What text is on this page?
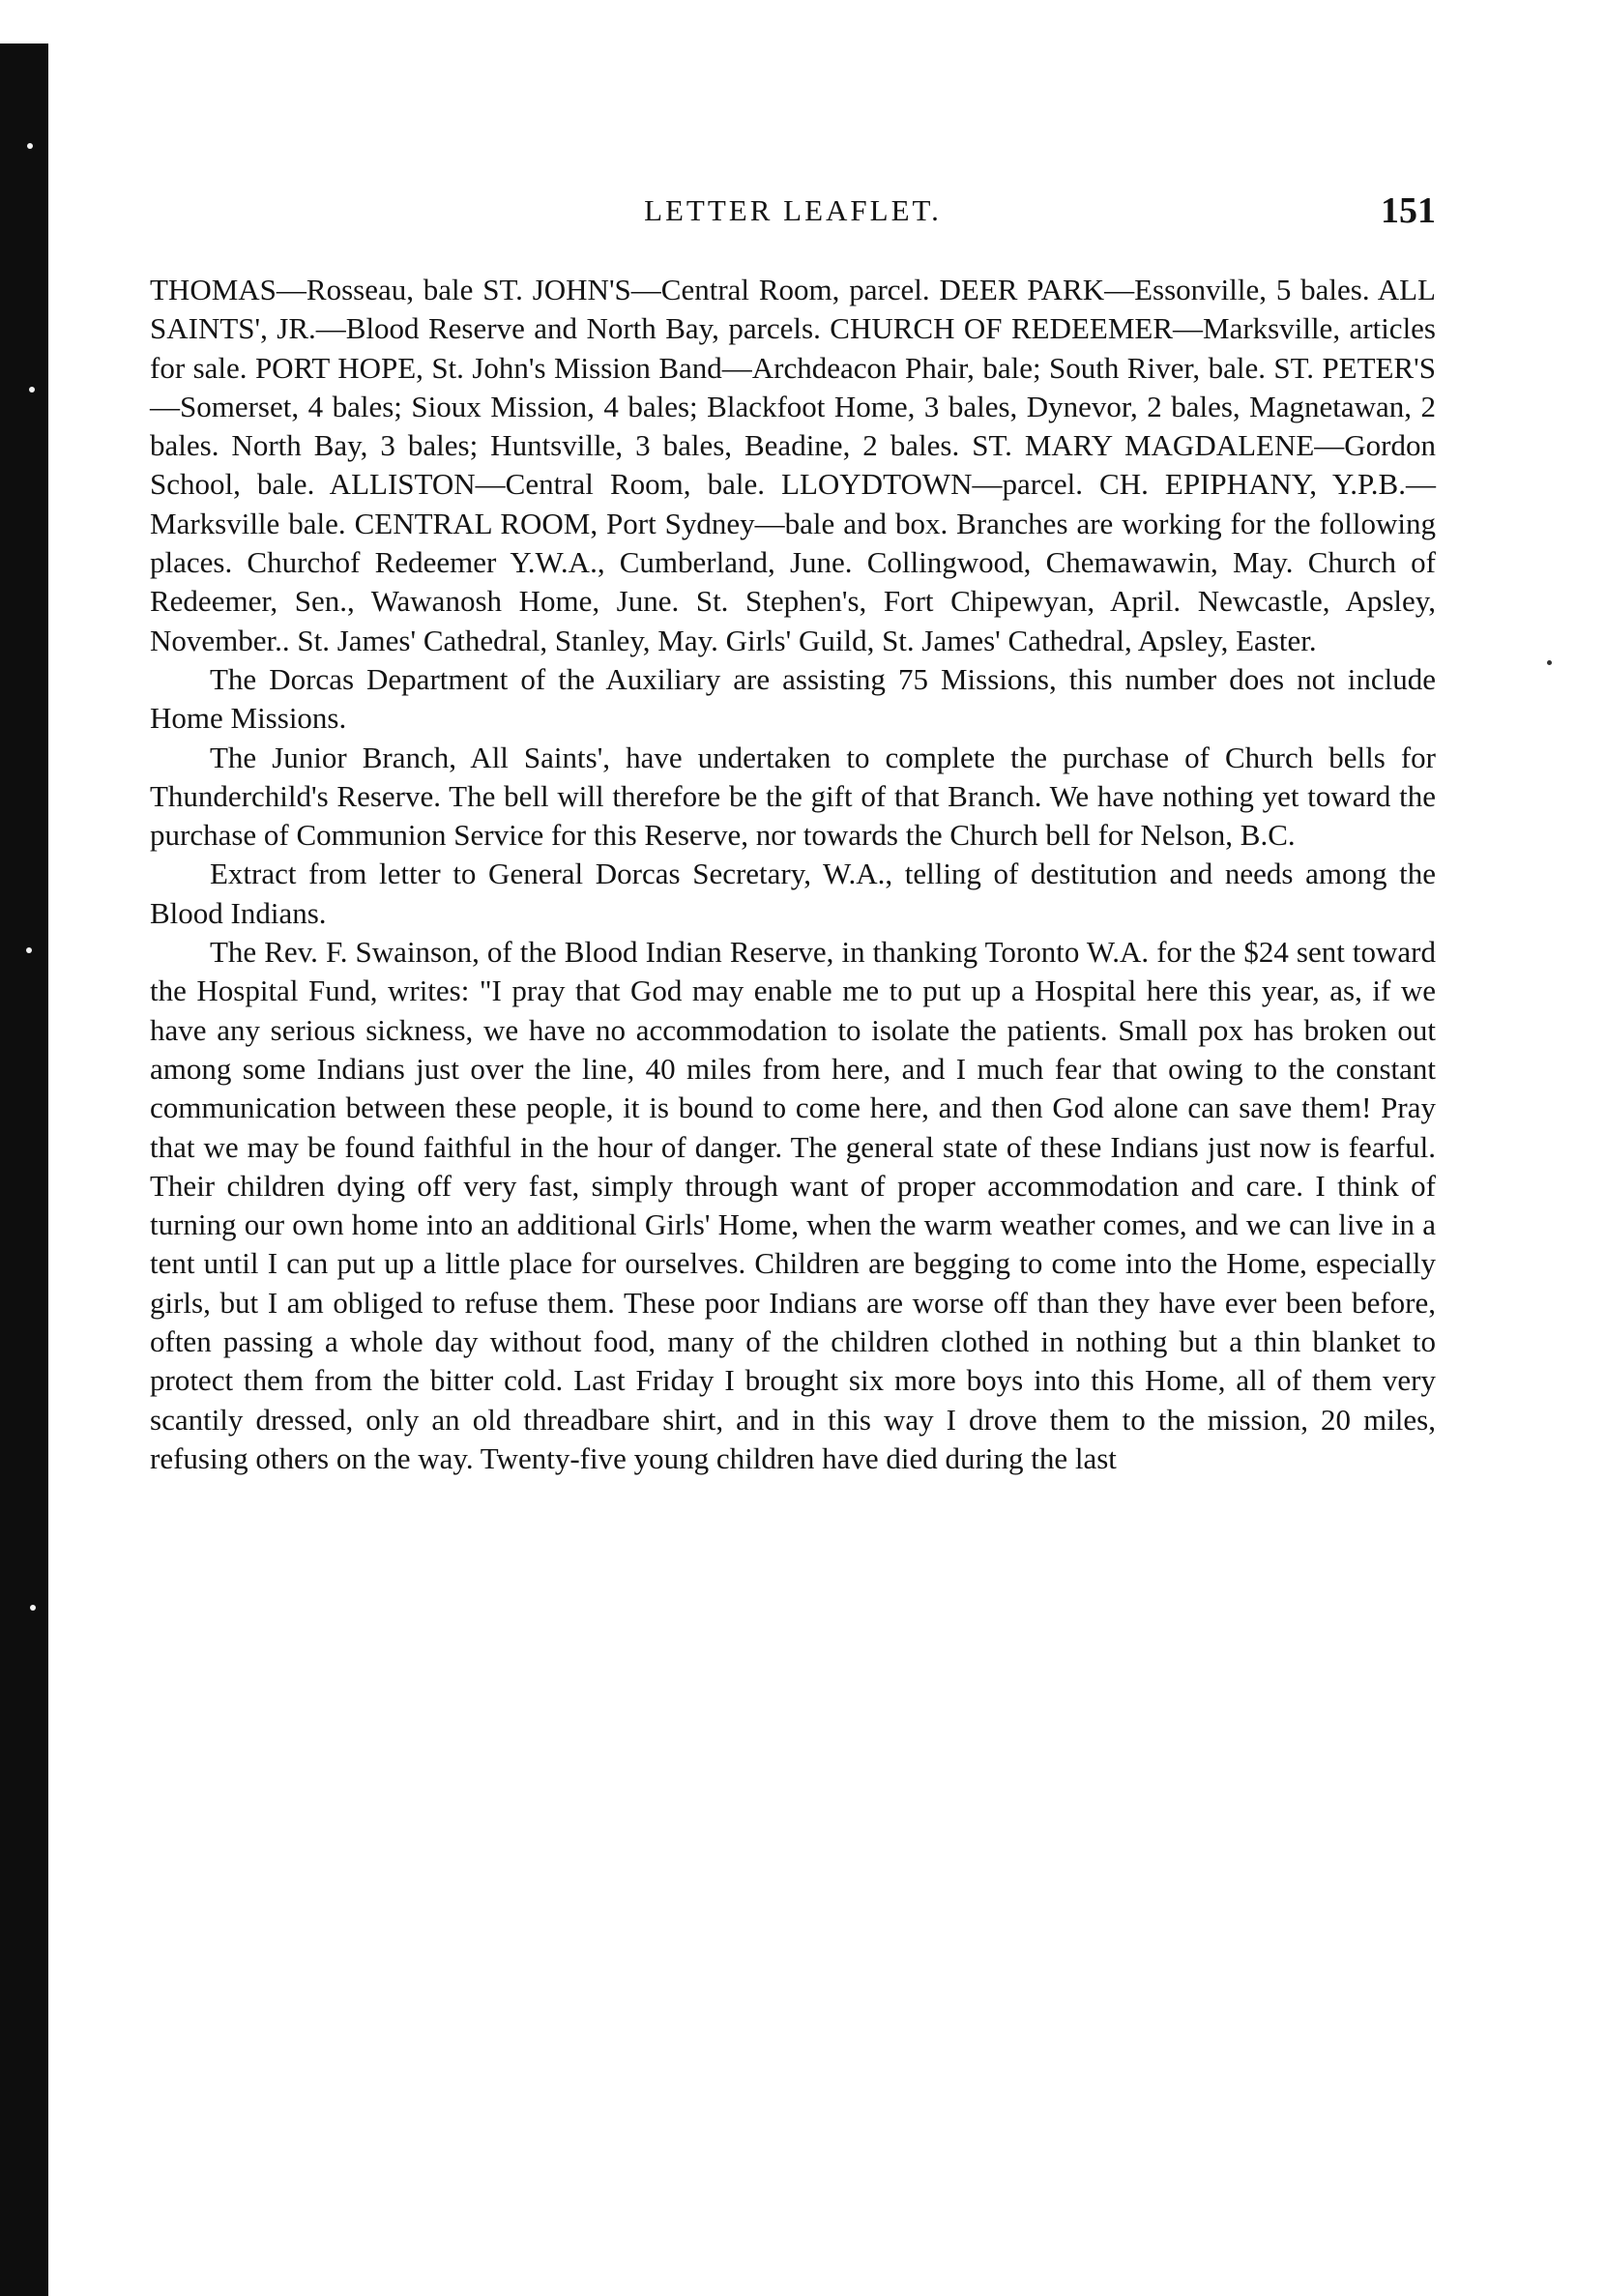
LETTER LEAFLET.	151

THOMAS—Rosseau, bale ST. JOHN'S—Central Room, parcel. DEER PARK—Essonville, 5 bales. ALL SAINTS', JR.—Blood Reserve and North Bay, parcels. CHURCH OF REDEEMER—Marksville, articles for sale. PORT HOPE, St. John's Mission Band—Archdeacon Phair, bale; South River, bale. ST. PETER'S—Somerset, 4 bales; Sioux Mission, 4 bales; Blackfoot Home, 3 bales, Dynevor, 2 bales, Magnetawan, 2 bales. North Bay, 3 bales; Huntsville, 3 bales, Beadine, 2 bales. ST. MARY MAGDALENE—Gordon School, bale. ALLISTON—Central Room, bale. LLOYDTOWN—parcel. CH. EPIPHANY, Y.P.B.—Marksville bale. CENTRAL ROOM, Port Sydney—bale and box. Branches are working for the following places. Churchof Redeemer Y.W.A., Cumberland, June. Collingwood, Chemawawin, May. Church of Redeemer, Sen., Wawanosh Home, June. St. Stephen's, Fort Chipewyan, April. Newcastle, Apsley, November.. St. James' Cathedral, Stanley, May. Girls' Guild, St. James' Cathedral, Apsley, Easter.

The Dorcas Department of the Auxiliary are assisting 75 Missions, this number does not include Home Missions.

The Junior Branch, All Saints', have undertaken to complete the purchase of Church bells for Thunderchild's Reserve. The bell will therefore be the gift of that Branch. We have nothing yet toward the purchase of Communion Service for this Reserve, nor towards the Church bell for Nelson, B.C.

Extract from letter to General Dorcas Secretary, W.A., telling of destitution and needs among the Blood Indians.

The Rev. F. Swainson, of the Blood Indian Reserve, in thanking Toronto W.A. for the $24 sent toward the Hospital Fund, writes: "I pray that God may enable me to put up a Hospital here this year, as, if we have any serious sickness, we have no accommodation to isolate the patients. Small pox has broken out among some Indians just over the line, 40 miles from here, and I much fear that owing to the constant communication between these people, it is bound to come here, and then God alone can save them! Pray that we may be found faithful in the hour of danger. The general state of these Indians just now is fearful. Their children dying off very fast, simply through want of proper accommodation and care. I think of turning our own home into an additional Girls' Home, when the warm weather comes, and we can live in a tent until I can put up a little place for ourselves. Children are begging to come into the Home, especially girls, but I am obliged to refuse them. These poor Indians are worse off than they have ever been before, often passing a whole day without food, many of the children clothed in nothing but a thin blanket to protect them from the bitter cold. Last Friday I brought six more boys into this Home, all of them very scantily dressed, only an old threadbare shirt, and in this way I drove them to the mission, 20 miles, refusing others on the way. Twenty-five young children have died during the last
